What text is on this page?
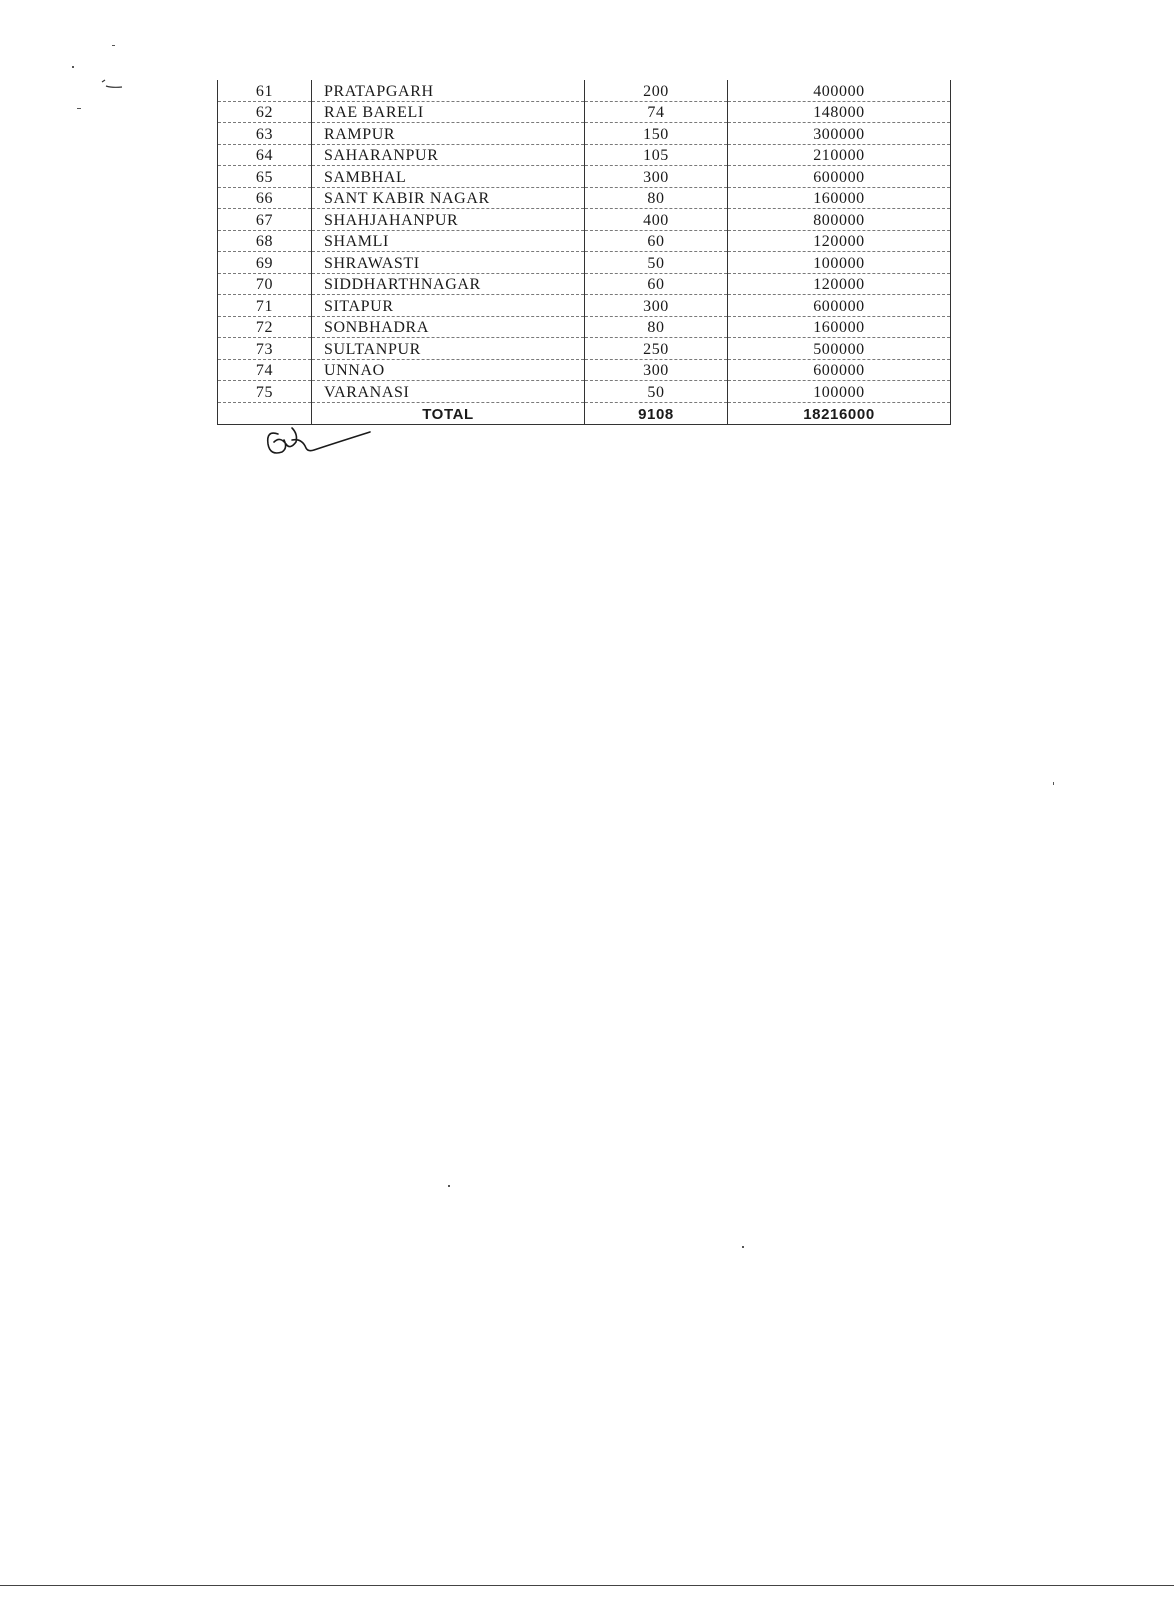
61	PRATAPGARH	200	400000
62	RAE BARELI	74	148000
63	RAMPUR	150	300000
64	SAHARANPUR	105	210000
65	SAMBHAL	300	600000
66	SANT KABIR NAGAR	80	160000
67	SHAHJAHANPUR	400	800000
68	SHAMLI	60	120000
69	SHRAWASTI	50	100000
70	SIDDHARTHNAGAR	60	120000
71	SITAPUR	300	600000
72	SONBHADRA	80	160000
73	SULTANPUR	250	500000
74	UNNAO	300	600000
75	VARANASI	50	100000
	TOTAL	9108	18216000
